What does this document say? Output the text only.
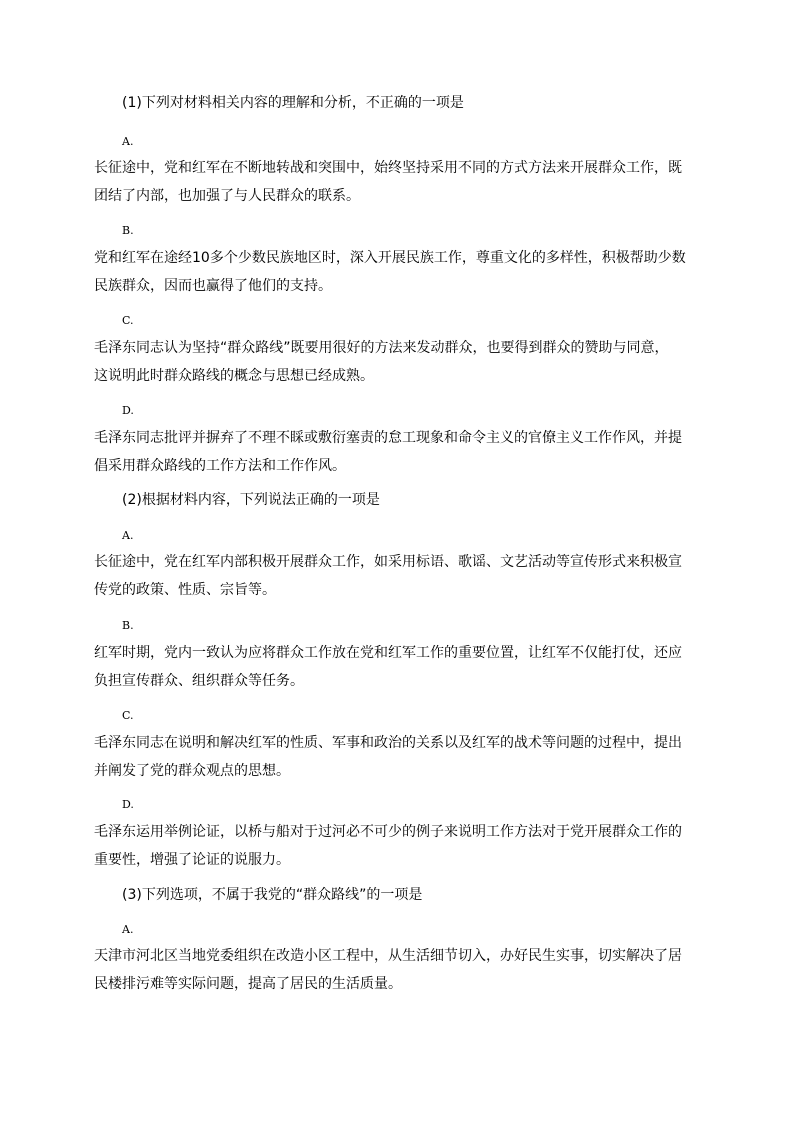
(1)下列对材料相关内容的理解和分析，不正确的一项是

A.

长征途中，党和红军在不断地转战和突围中，始终坚持采用不同的方式方法来开展群众工作，既

团结了内部，也加强了与人民群众的联系。

B.

党和红军在途经10多个少数民族地区时，深入开展民族工作，尊重文化的多样性，积极帮助少数

民族群众，因而也赢得了他们的支持。

C.

毛泽东同志认为坚持“群众路线”既要用很好的方法来发动群众，也要得到群众的赞助与同意，

这说明此时群众路线的概念与思想已经成熟。

D.

毛泽东同志批评并摒弃了不理不睬或敷衍塞责的怠工现象和命令主义的官僚主义工作作风，并提

倡采用群众路线的工作方法和工作作风。

(2)根据材料内容，下列说法正确的一项是

A.

长征途中，党在红军内部积极开展群众工作，如采用标语、歌谣、文艺活动等宣传形式来积极宣

传党的政策、性质、宗旨等。

B.

红军时期，党内一致认为应将群众工作放在党和红军工作的重要位置，让红军不仅能打仗，还应

负担宣传群众、组织群众等任务。

C.

毛泽东同志在说明和解决红军的性质、军事和政治的关系以及红军的战术等问题的过程中，提出

并阐发了党的群众观点的思想。

D.

毛泽东运用举例论证，以桥与船对于过河必不可少的例子来说明工作方法对于党开展群众工作的

重要性，增强了论证的说服力。

(3)下列选项，不属于我党的“群众路线”的一项是

A.

天津市河北区当地党委组织在改造小区工程中，从生活细节切入，办好民生实事，切实解决了居

民楼排污难等实际问题，提高了居民的生活质量。
